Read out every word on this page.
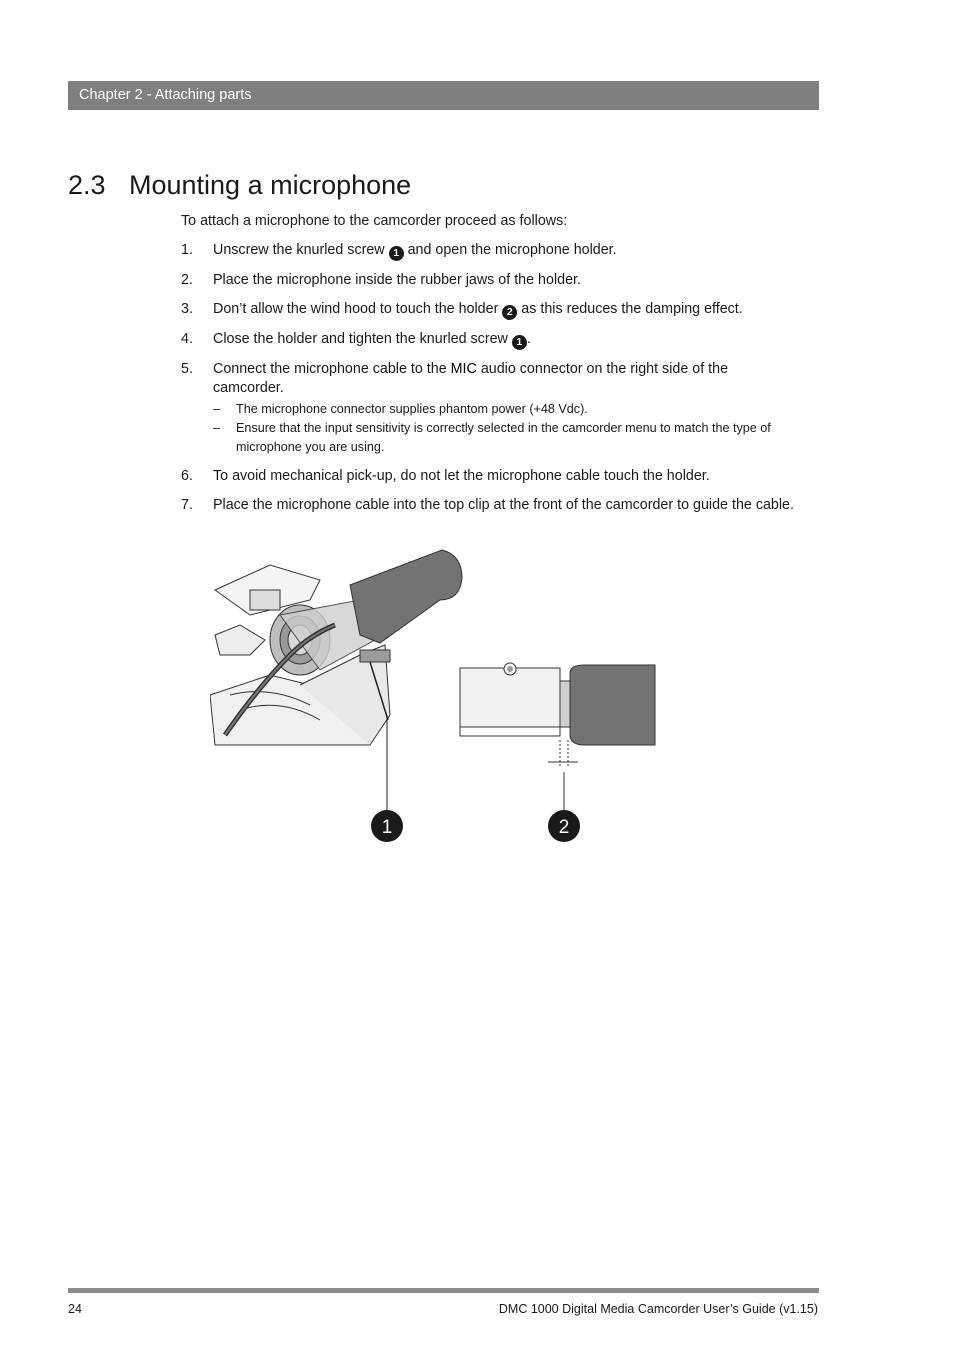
Chapter 2 - Attaching parts
2.3 Mounting a microphone

To attach a microphone to the camcorder proceed as follows:

1. Unscrew the knurled screw 1 and open the microphone holder.
2. Place the microphone inside the rubber jaws of the holder.
3. Don’t allow the wind hood to touch the holder 2 as this reduces the damping effect.
4. Close the holder and tighten the knurled screw 1 .
5. Connect the microphone cable to the MIC audio connector on the right side of the camcorder.
– The microphone connector supplies phantom power (+48 Vdc).
– Ensure that the input sensitivity is correctly selected in the camcorder menu to match the type of microphone you are using.
6. To avoid mechanical pick-up, do not let the microphone cable touch the holder.
7. Place the microphone cable into the top clip at the front of the camcorder to guide the cable.
1	2
24	DMC 1000 Digital Media Camcorder User’s Guide (v1.15)
